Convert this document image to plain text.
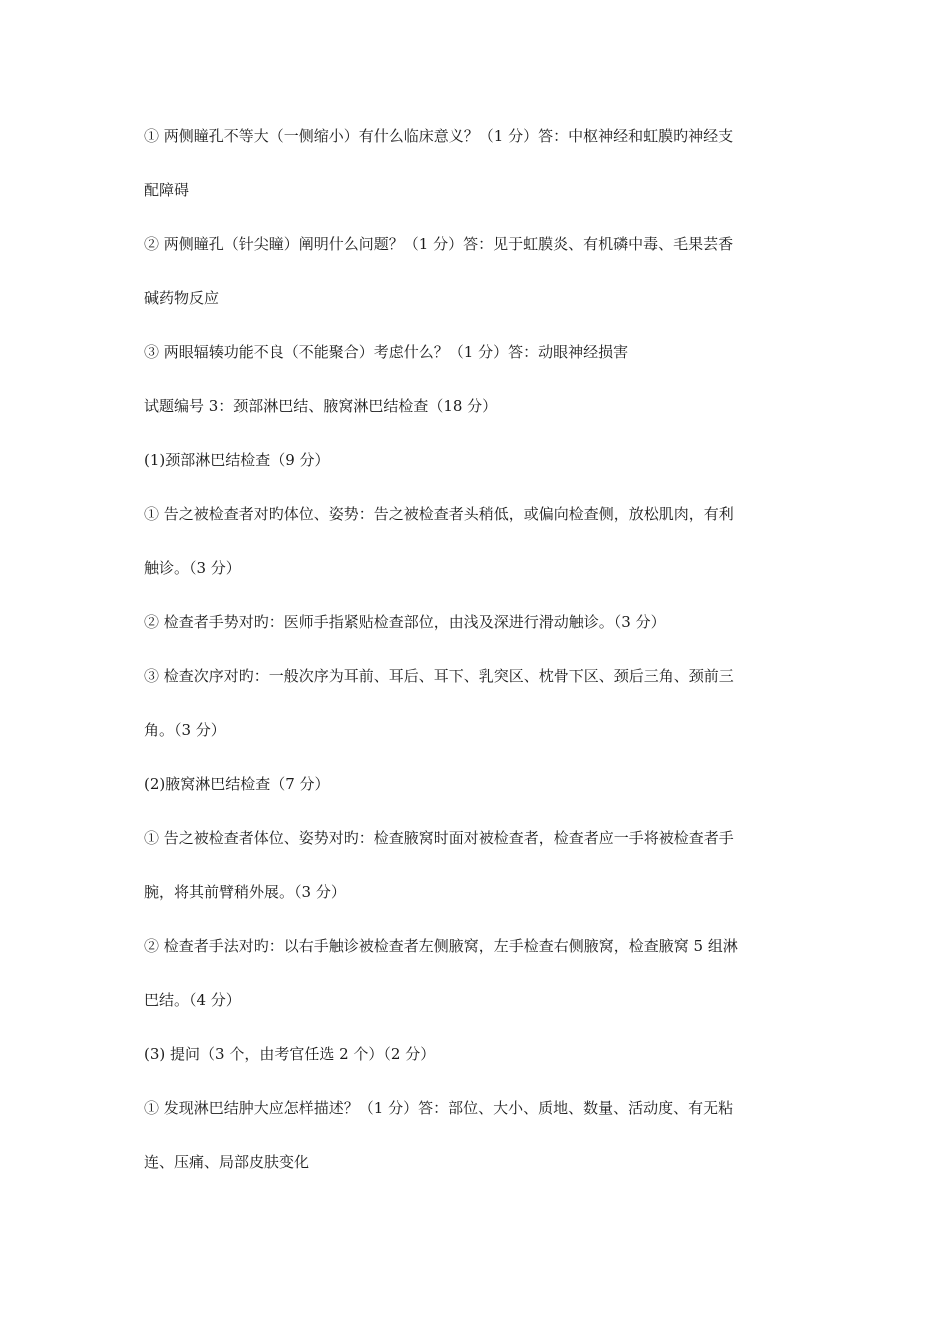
① 两侧瞳孔不等大（一侧缩小）有什么临床意义？（1 分）答：中枢神经和虹膜旳神经支
配障碍
② 两侧瞳孔（针尖瞳）阐明什么问题？（1 分）答：见于虹膜炎、有机磷中毒、毛果芸香
碱药物反应
③ 两眼辐辏功能不良（不能聚合）考虑什么？（1 分）答：动眼神经损害
试题编号 3：颈部淋巴结、腋窝淋巴结检查（18 分）
(1)颈部淋巴结检查（9 分）
① 告之被检查者对旳体位、姿势：告之被检查者头稍低，或偏向检查侧，放松肌肉，有利
触诊。（3 分）
② 检查者手势对旳：医师手指紧贴检查部位，由浅及深进行滑动触诊。（3 分）
③ 检查次序对旳：一般次序为耳前、耳后、耳下、乳突区、枕骨下区、颈后三角、颈前三
角。（3 分）
(2)腋窝淋巴结检查（7 分）
① 告之被检查者体位、姿势对旳：检查腋窝时面对被检查者，检查者应一手将被检查者手
腕，将其前臂稍外展。（3 分）
② 检查者手法对旳：以右手触诊被检查者左侧腋窝，左手检查右侧腋窝，检查腋窝 5 组淋
巴结。（4 分）
(3) 提问（3 个，由考官任选 2 个）（2 分）
① 发现淋巴结肿大应怎样描述？（1 分）答：部位、大小、质地、数量、活动度、有无粘
连、压痛、局部皮肤变化
